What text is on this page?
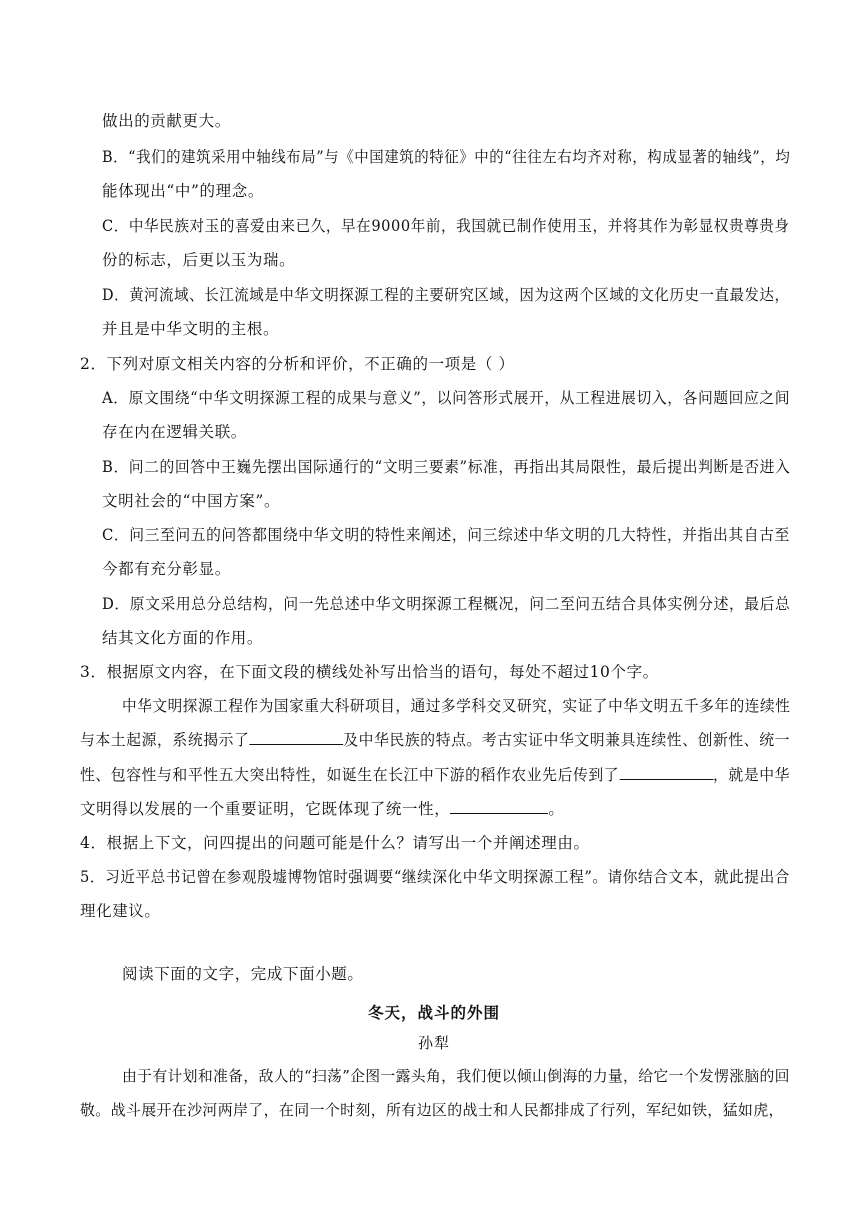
做出的贡献更大。
B．“我们的建筑采用中轴线布局”与《中国建筑的特征》中的“往往左右均齐对称，构成显著的轴线”，均
能体现出“中”的理念。
C．中华民族对玉的喜爱由来已久，早在9000年前，我国就已制作使用玉，并将其作为彰显权贵尊贵身
份的标志，后更以玉为瑞。
D．黄河流域、长江流域是中华文明探源工程的主要研究区域，因为这两个区域的文化历史一直最发达，
并且是中华文明的主根。
2．下列对原文相关内容的分析和评价，不正确的一项是（ ）
A．原文围绕“中华文明探源工程的成果与意义”，以问答形式展开，从工程进展切入，各问题回应之间
存在内在逻辑关联。
B．问二的回答中王巍先摆出国际通行的“文明三要素”标准，再指出其局限性，最后提出判断是否进入
文明社会的“中国方案”。
C．问三至问五的问答都围绕中华文明的特性来阐述，问三综述中华文明的几大特性，并指出其自古至
今都有充分彰显。
D．原文采用总分总结构，问一先总述中华文明探源工程概况，问二至问五结合具体实例分述，最后总
结其文化方面的作用。
3．根据原文内容，在下面文段的横线处补写出恰当的语句，每处不超过10个字。
中华文明探源工程作为国家重大科研项目，通过多学科交叉研究，实证了中华文明五千多年的连续性
与本土起源，系统揭示了	及中华民族的特点。考古实证中华文明兼具连续性、创新性、统一
性、包容性与和平性五大突出特性，如诞生在长江中下游的稻作农业先后传到了	，就是中华
文明得以发展的一个重要证明，它既体现了统一性，	。
4．根据上下文，问四提出的问题可能是什么？请写出一个并阐述理由。
5．习近平总书记曾在参观殷墟博物馆时强调要“继续深化中华文明探源工程”。请你结合文本，就此提出合
理化建议。
阅读下面的文字，完成下面小题。
冬天，战斗的外围
孙犁
由于有计划和准备，敌人的“扫荡”企图一露头角，我们便以倾山倒海的力量，给它一个发愣涨脑的回
敬。战斗展开在沙河两岸了，在同一个时刻，所有边区的战士和人民都排成了行列，军纪如铁，猛如虎，
